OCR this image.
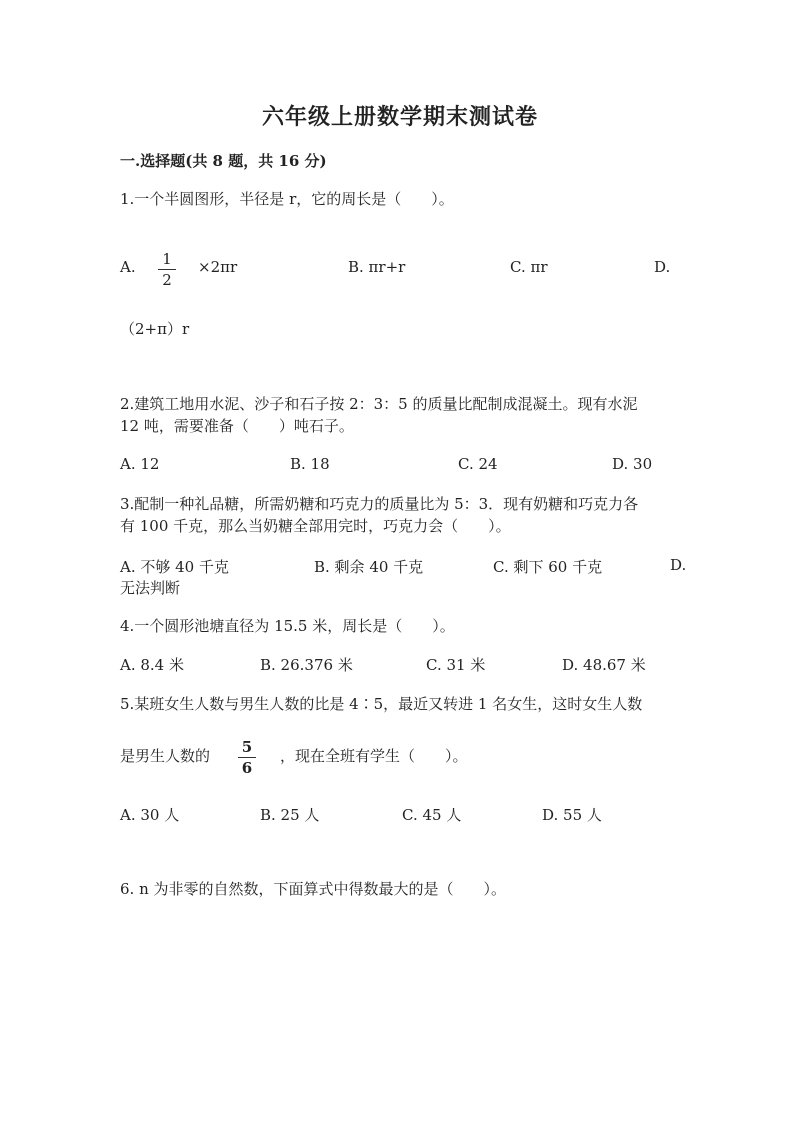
六年级上册数学期末测试卷
一.选择题(共 8 题，共 16 分)
1.一个半圆图形，半径是 r，它的周长是（　　）。
A. $\frac{1}{2} \times 2\pi r$	B. πr+r	C. πr	D.
（2+π）r
2.建筑工地用水泥、沙子和石子按 2：3：5 的质量比配制成混凝土。现有水泥
12 吨，需要准备（　　）吨石子。
A. 12	B. 18	C. 24	D. 30
3.配制一种礼品糖，所需奶糖和巧克力的质量比为 5：3．现有奶糖和巧克力各
有 100 千克，那么当奶糖全部用完时，巧克力会（　　）。
A. 不够 40 千克	B. 剩余 40 千克	C. 剩下 60 千克	D.
无法判断
4.一个圆形池塘直径为 15.5 米，周长是（　　）。
A. 8.4 米	B. 26.376 米	C. 31 米	D. 48.67 米
5.某班女生人数与男生人数的比是 4∶5，最近又转进 1 名女生，这时女生人数
是男生人数的 $\frac{5}{6}$ ，现在全班有学生（　　）。
A. 30 人	B. 25 人	C. 45 人	D. 55 人
6. n 为非零的自然数，下面算式中得数最大的是（　　）。
